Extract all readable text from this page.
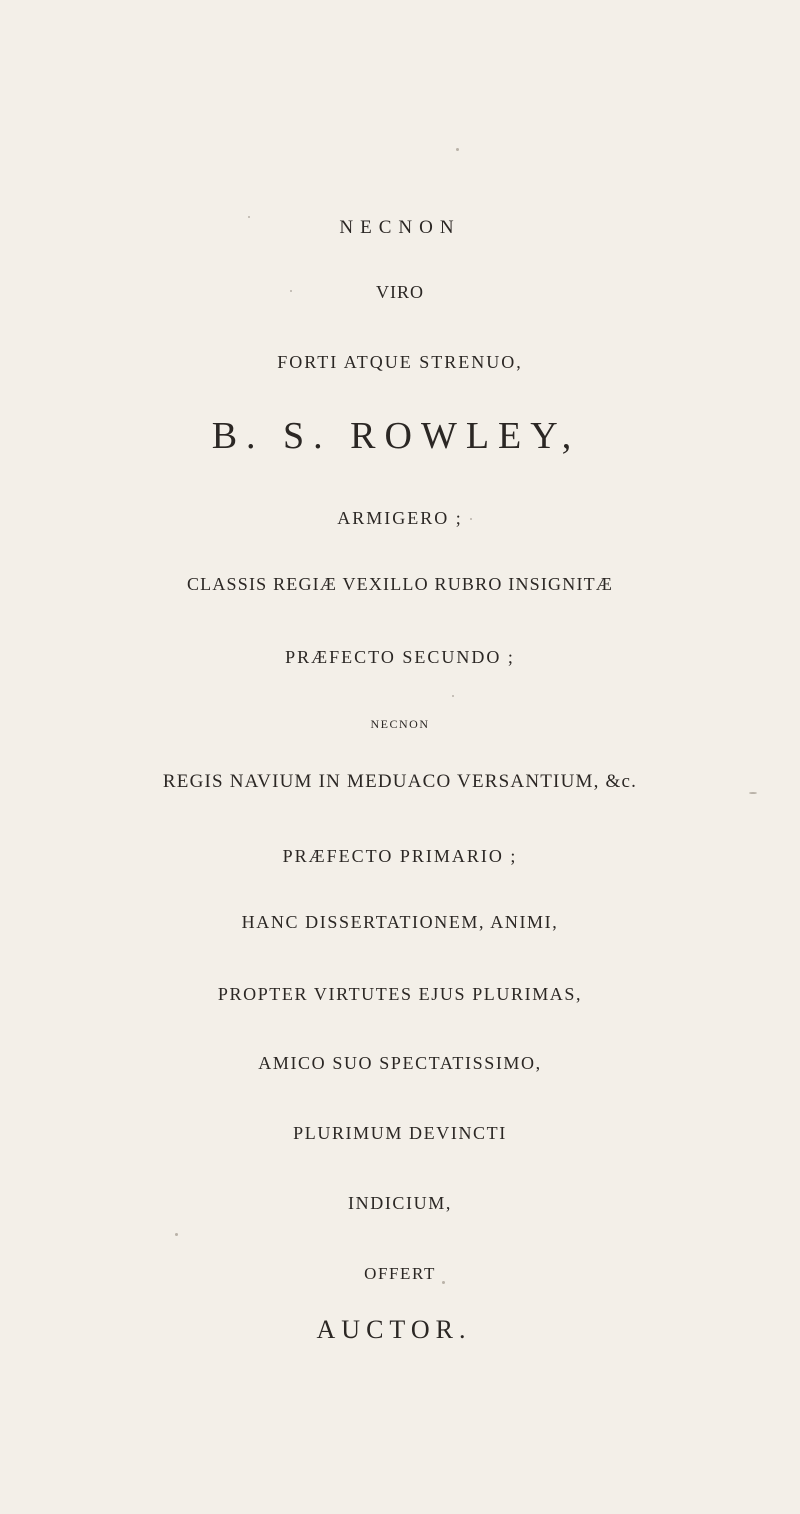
NECNON
VIRO
FORTI ATQUE STRENUO,
B. S. ROWLEY,
ARMIGERO ;
CLASSIS REGIÆ VEXILLO RUBRO INSIGNITÆ
PRÆFECTO SECUNDO ;
NECNON
REGIS NAVIUM IN MEDUACO VERSANTIUM, &c.
PRÆFECTO PRIMARIO ;
HANC DISSERTATIONEM, ANIMI,
PROPTER VIRTUTES EJUS PLURIMAS,
AMICO SUO SPECTATISSIMO,
PLURIMUM DEVINCTI
INDICIUM,
OFFERT
AUCTOR.
